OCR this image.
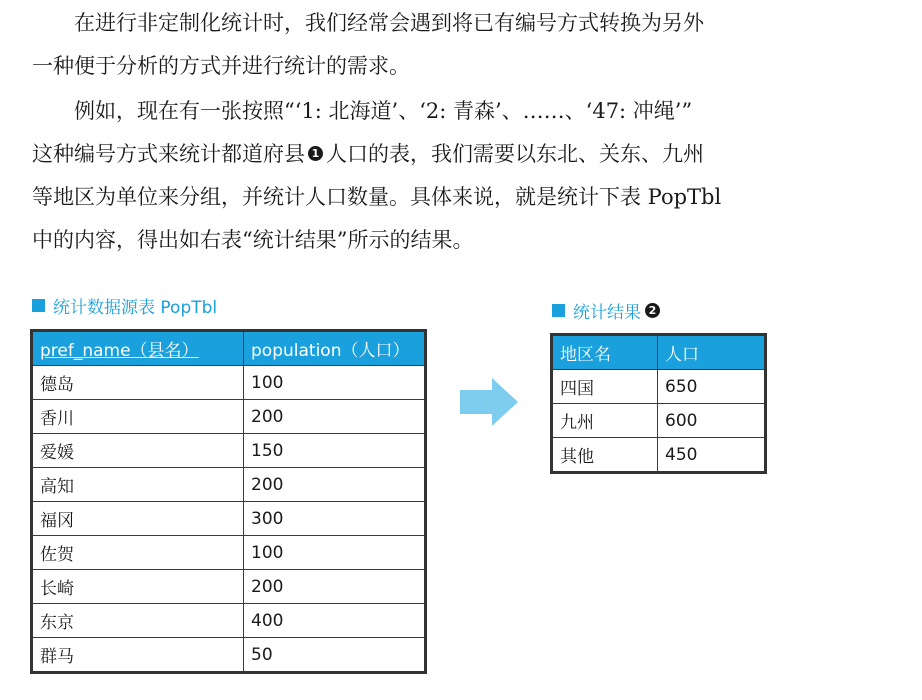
在进行非定制化统计时，我们经常会遇到将已有编号方式转换为另外
一种便于分析的方式并进行统计的需求。

例如，现在有一张按照“‘1: 北海道’、‘2: 青森’、……、‘47: 冲绳’”
这种编号方式来统计都道府县 1 人口的表，我们需要以东北、关东、九州
等地区为单位来分组，并统计人口数量。具体来说，就是统计下表 PopTbl
中的内容，得出如右表“统计结果”所示的结果。

统计数据源表 PopTbl
pref_name（县名）	population（人口）
德岛	100
香川	200
爱媛	150
高知	200
福冈	300
佐贺	100
长崎	200
东京	400
群马	50
统计结果 2
地区名	人口
四国	650
九州	600
其他	450
